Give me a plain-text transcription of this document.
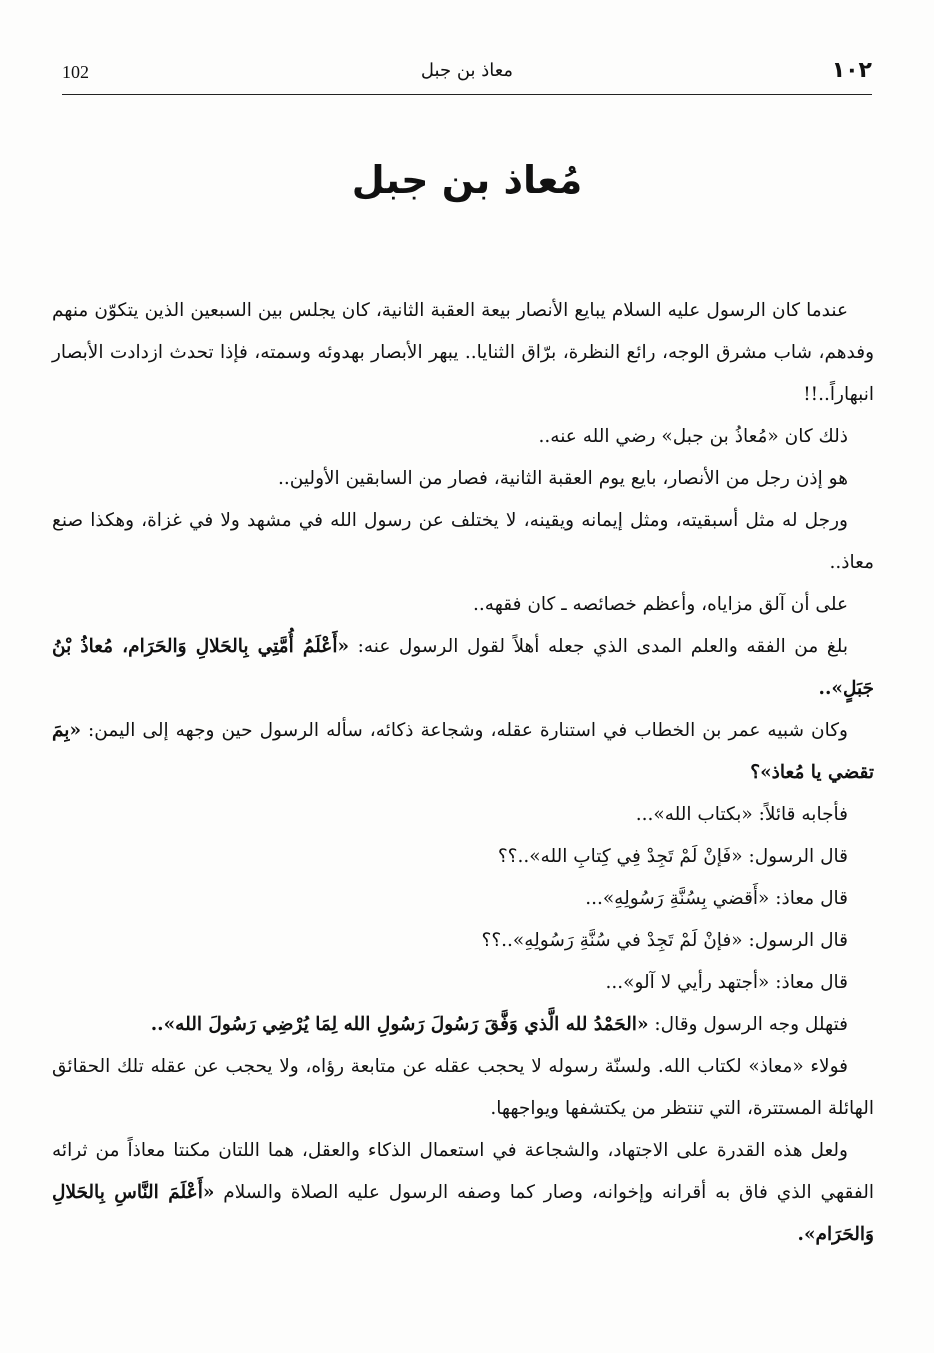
١٠٢
معاذ بن جبل
102
مُعاذ بن جبل

عندما كان الرسول عليه السلام يبايع الأنصار بيعة العقبة الثانية، كان يجلس بين السبعين الذين يتكوّن منهم وفدهم، شاب مشرق الوجه، رائع النظرة، برّاق الثنايا.. يبهر الأبصار بهدوئه وسمته، فإذا تحدث ازدادت الأبصار انبهاراً..!!

ذلك كان «مُعاذُ بن جبل» رضي الله عنه..

هو إذن رجل من الأنصار، بايع يوم العقبة الثانية، فصار من السابقين الأولين..

ورجل له مثل أسبقيته، ومثل إيمانه ويقينه، لا يختلف عن رسول الله في مشهد ولا في غزاة، وهكذا صنع معاذ..

على أن آلق مزاياه، وأعظم خصائصه ـ كان فقهه..

بلغ من الفقه والعلم المدى الذي جعله أهلاً لقول الرسول عنه: «أَعْلَمُ أُمَّتِي بِالحَلالِ وَالحَرَام، مُعاذُ بْنُ جَبَلٍ»..

وكان شبيه عمر بن الخطاب في استنارة عقله، وشجاعة ذكائه، سأله الرسول حين وجهه إلى اليمن: «بِمَ تقضي يا مُعاذ»؟

فأجابه قائلاً: «بكتاب الله»...

قال الرسول: «فَإنْ لَمْ تَجِدْ فِي كِتابِ الله»..؟؟

قال معاذ: «أَقضي بِسُنَّةِ رَسُولِهِ»...

قال الرسول: «فإنْ لَمْ تَجِدْ في سُنَّةِ رَسُولِهِ»..؟؟

قال معاذ: «أجتهد رأيي لا آلو»...

فتهلل وجه الرسول وقال: «الحَمْدُ لله الَّذي وَفَّقَ رَسُولَ رَسُولِ الله لِمَا يُرْضِي رَسُولَ الله»..

فولاء «معاذ» لكتاب الله. ولسنّة رسوله لا يحجب عقله عن متابعة رؤاه، ولا يحجب عن عقله تلك الحقائق الهائلة المستترة، التي تنتظر من يكتشفها ويواجهها.

ولعل هذه القدرة على الاجتهاد، والشجاعة في استعمال الذكاء والعقل، هما اللتان مكنتا معاذاً من ثرائه الفقهي الذي فاق به أقرانه وإخوانه، وصار كما وصفه الرسول عليه الصلاة والسلام «أَعْلَمَ النَّاسِ بِالحَلالِ وَالحَرَام».
